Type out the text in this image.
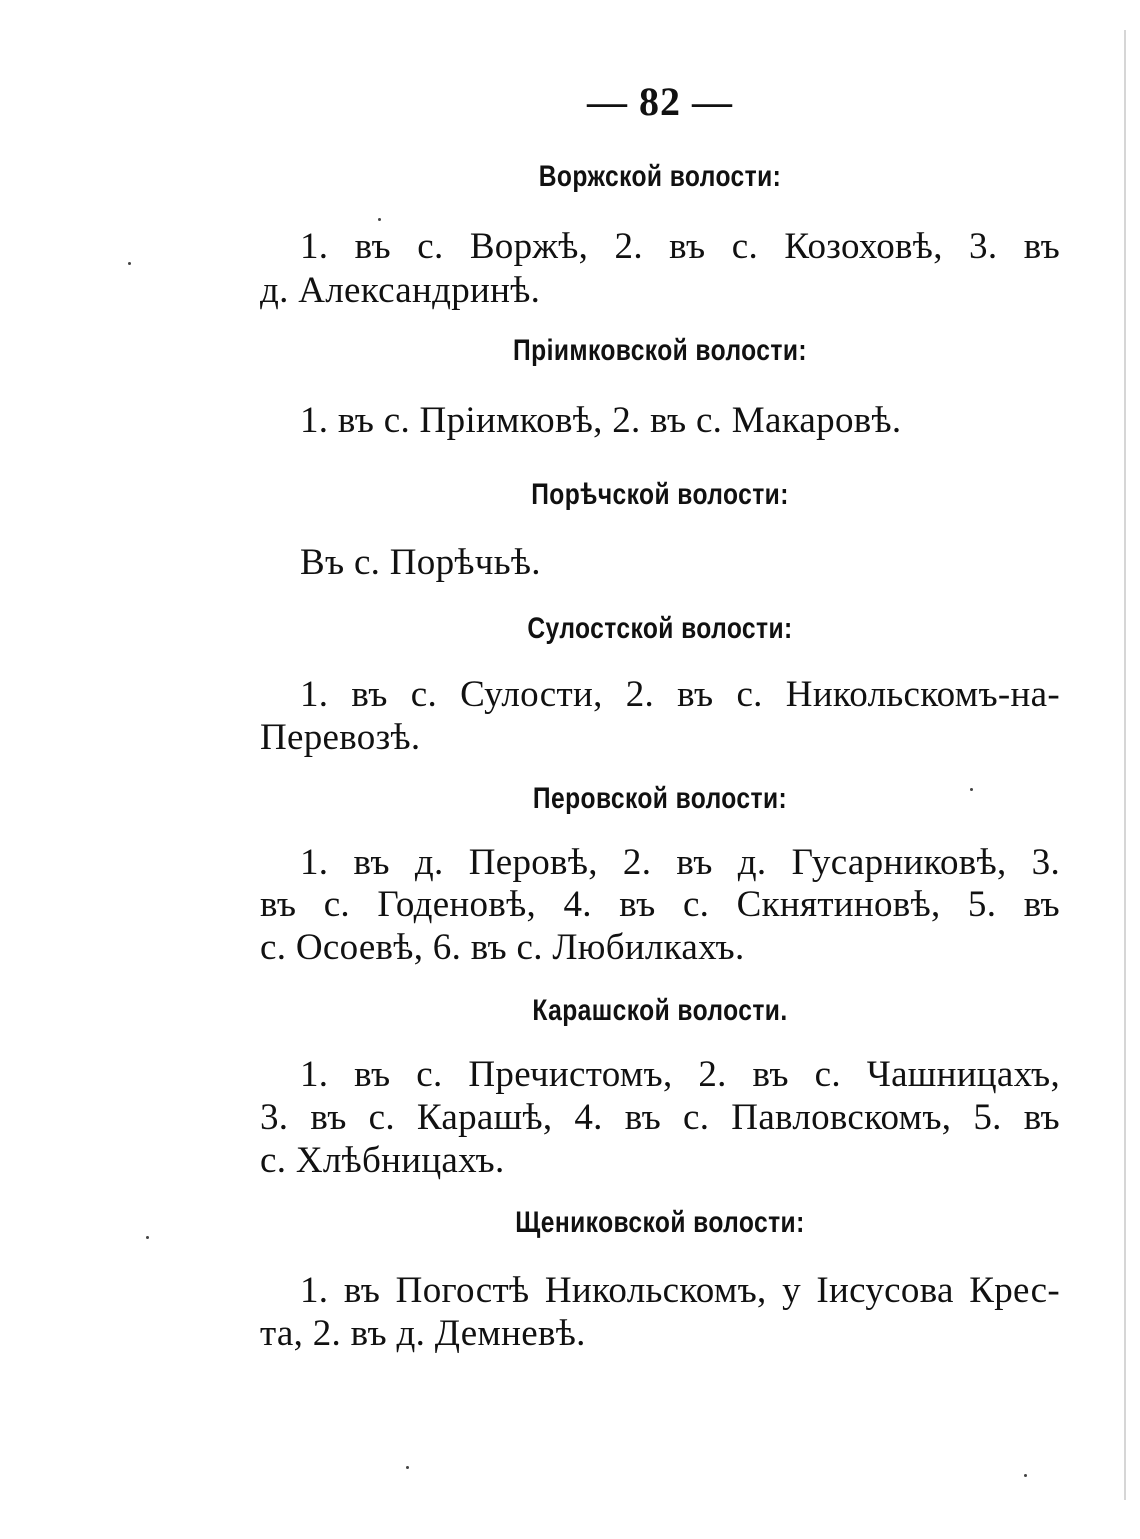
— 82 —
Воржской волости:
1. въ с. Воржѣ, 2. въ с. Козоховѣ, 3. въ
д. Александринѣ.
Пріимковской волости:
1. въ с. Пріимковѣ, 2. въ с. Макаровѣ.
Порѣчской волости:
Въ с. Порѣчьѣ.
Сулостской волости:
1. въ с. Сулости, 2. въ с. Никольскомъ-на-
Перевозѣ.
Перовской волости:
1. въ д. Перовѣ, 2. въ д. Гусарниковѣ, 3.
въ с. Годеновѣ, 4. въ с. Скнятиновѣ, 5. въ
с. Осоевѣ, 6. въ с. Любилкахъ.
Карашской волости.
1. въ с. Пречистомъ, 2. въ с. Чашницахъ,
3. въ с. Карашѣ, 4. въ с. Павловскомъ, 5. въ
с. Хлѣбницахъ.
Щениковской волости:
1. въ Погостѣ Никольскомъ, у Іисусова Крес-
та, 2. въ д. Демневѣ.
